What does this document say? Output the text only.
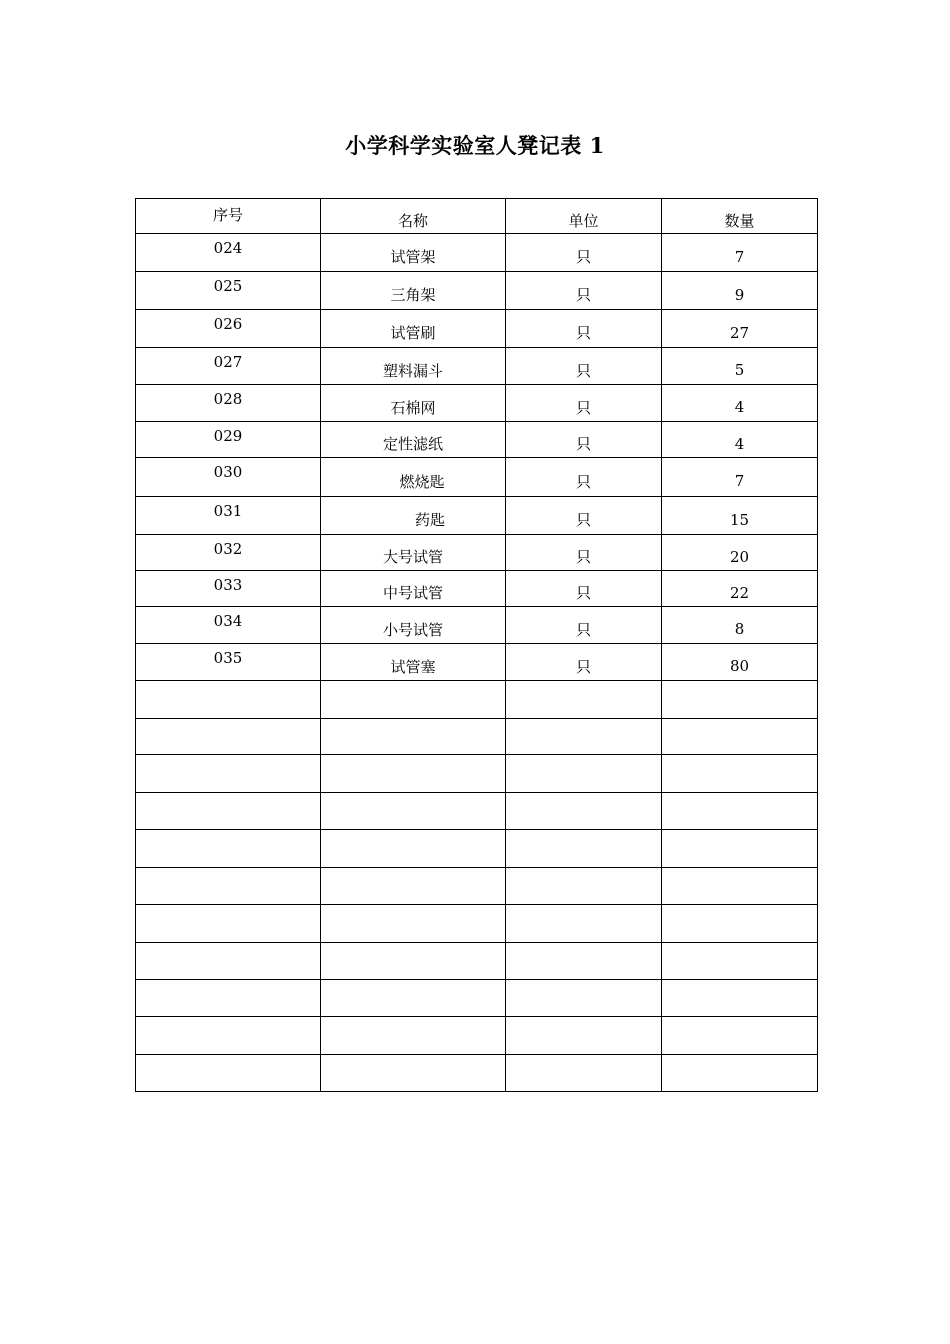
小学科学实验室人凳记表 1
序号	名称	单位	数量
024	试管架	只	7
025	三角架	只	9
026	试管刷	只	27
027	塑料漏斗	只	5
028	石棉网	只	4
029	定性滤纸	只	4
030	燃烧匙	只	7
031	药匙	只	15
032	大号试管	只	20
033	中号试管	只	22
034	小号试管	只	8
035	试管塞	只	80
